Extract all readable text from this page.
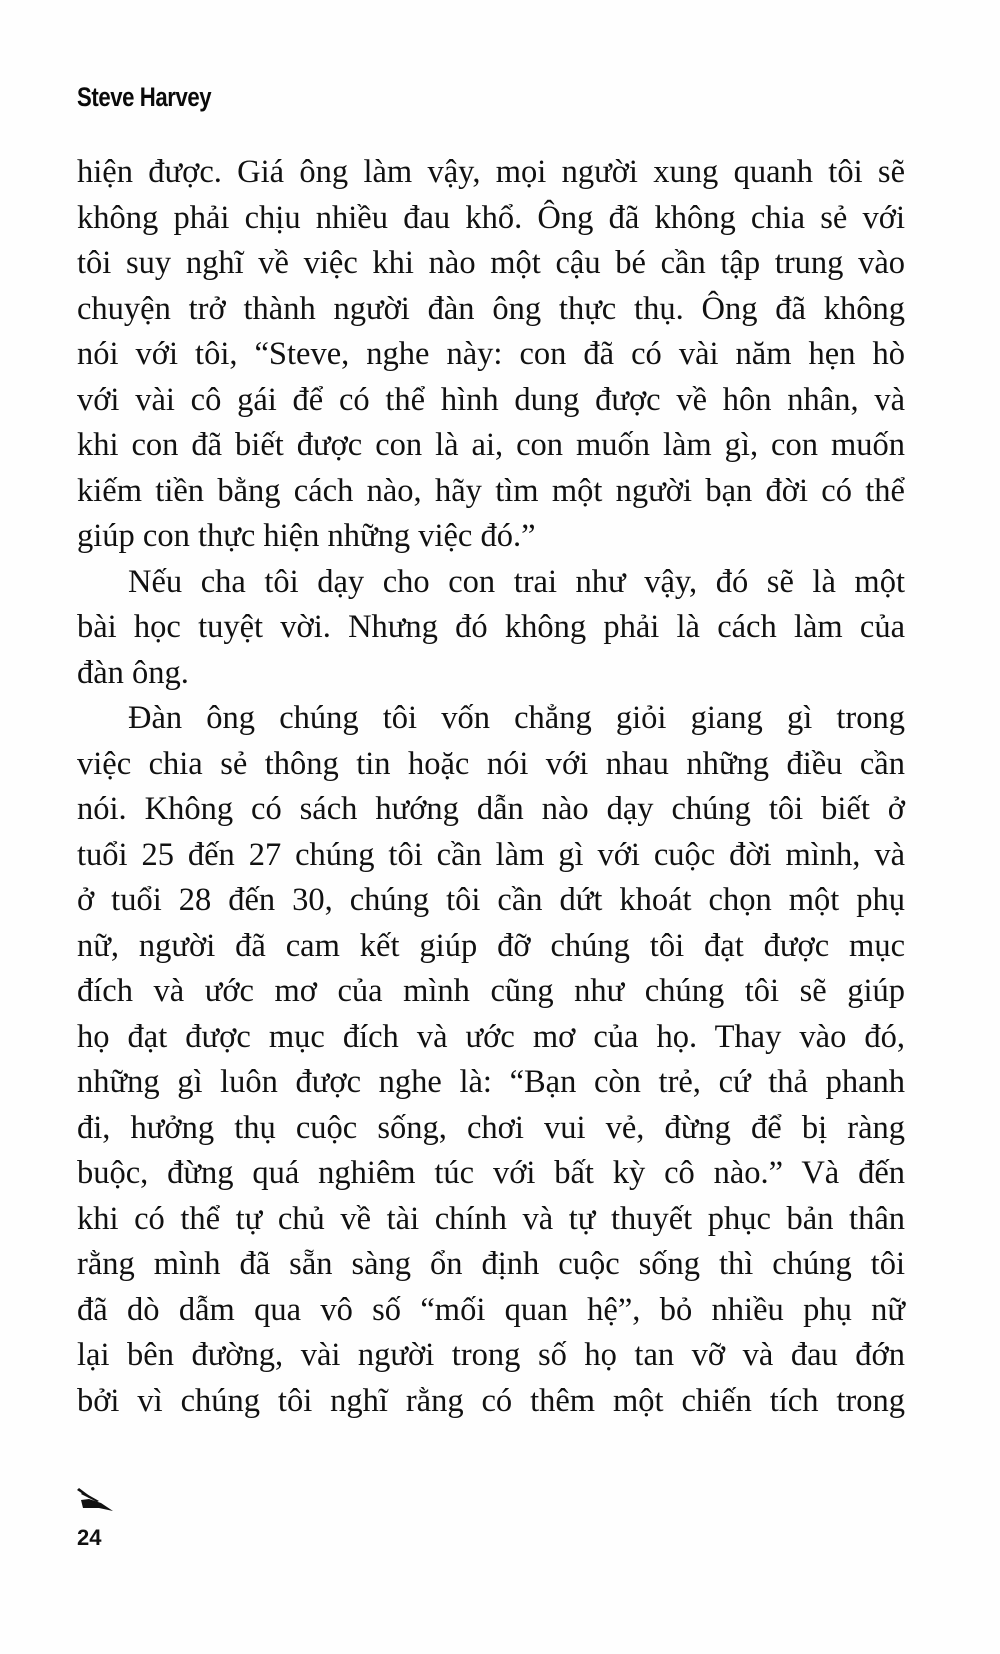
Steve Harvey
hiện được. Giá ông làm vậy, mọi người xung quanh tôi sẽ
không phải chịu nhiều đau khổ. Ông đã không chia sẻ với
tôi suy nghĩ về việc khi nào một cậu bé cần tập trung vào
chuyện trở thành người đàn ông thực thụ. Ông đã không
nói với tôi, “Steve, nghe này: con đã có vài năm hẹn hò
với vài cô gái để có thể hình dung được về hôn nhân, và
khi con đã biết được con là ai, con muốn làm gì, con muốn
kiếm tiền bằng cách nào, hãy tìm một người bạn đời có thể
giúp con thực hiện những việc đó.”
Nếu cha tôi dạy cho con trai như vậy, đó sẽ là một
bài học tuyệt vời. Nhưng đó không phải là cách làm của
đàn ông.
Đàn ông chúng tôi vốn chẳng giỏi giang gì trong
việc chia sẻ thông tin hoặc nói với nhau những điều cần
nói. Không có sách hướng dẫn nào dạy chúng tôi biết ở
tuổi 25 đến 27 chúng tôi cần làm gì với cuộc đời mình, và
ở tuổi 28 đến 30, chúng tôi cần dứt khoát chọn một phụ
nữ, người đã cam kết giúp đỡ chúng tôi đạt được mục
đích và ước mơ của mình cũng như chúng tôi sẽ giúp
họ đạt được mục đích và ước mơ của họ. Thay vào đó,
những gì luôn được nghe là: “Bạn còn trẻ, cứ thả phanh
đi, hưởng thụ cuộc sống, chơi vui vẻ, đừng để bị ràng
buộc, đừng quá nghiêm túc với bất kỳ cô nào.” Và đến
khi có thể tự chủ về tài chính và tự thuyết phục bản thân
rằng mình đã sẵn sàng ổn định cuộc sống thì chúng tôi
đã dò dẫm qua vô số “mối quan hệ”, bỏ nhiều phụ nữ
lại bên đường, vài người trong số họ tan vỡ và đau đớn
bởi vì chúng tôi nghĩ rằng có thêm một chiến tích trong
24
